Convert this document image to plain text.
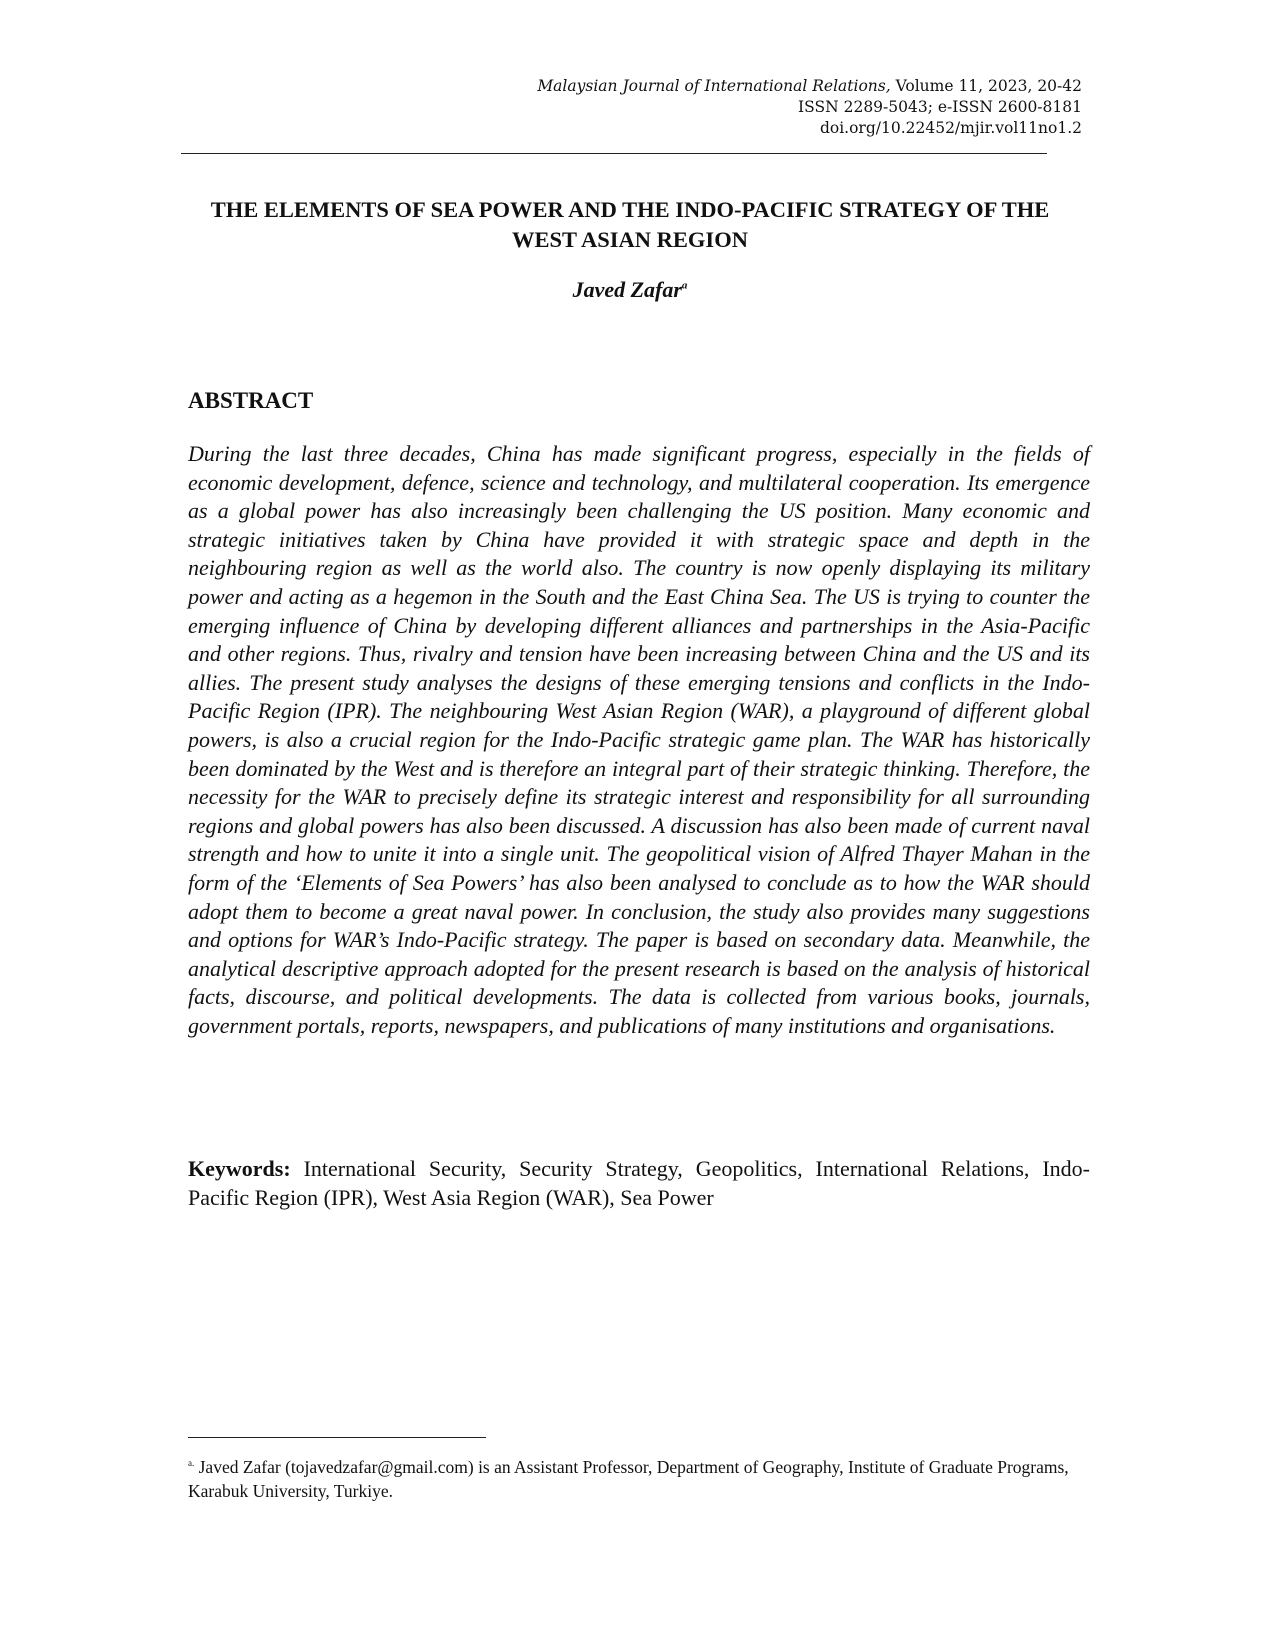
Malaysian Journal of International Relations, Volume 11, 2023, 20-42
ISSN 2289-5043; e-ISSN 2600-8181
doi.org/10.22452/mjir.vol11no1.2
THE ELEMENTS OF SEA POWER AND THE INDO-PACIFIC STRATEGY OF THE WEST ASIAN REGION
Javed Zafar$^a$
ABSTRACT

During the last three decades, China has made significant progress, especially in the fields of economic development, defence, science and technology, and multilateral cooperation. Its emergence as a global power has also increasingly been challenging the US position. Many economic and strategic initiatives taken by China have provided it with strategic space and depth in the neighbouring region as well as the world also. The country is now openly displaying its military power and acting as a hegemon in the South and the East China Sea. The US is trying to counter the emerging influence of China by developing different alliances and partnerships in the Asia-Pacific and other regions. Thus, rivalry and tension have been increasing between China and the US and its allies. The present study analyses the designs of these emerging tensions and conflicts in the Indo-Pacific Region (IPR). The neighbouring West Asian Region (WAR), a playground of different global powers, is also a crucial region for the Indo-Pacific strategic game plan. The WAR has historically been dominated by the West and is therefore an integral part of their strategic thinking. Therefore, the necessity for the WAR to precisely define its strategic interest and responsibility for all surrounding regions and global powers has also been discussed. A discussion has also been made of current naval strength and how to unite it into a single unit. The geopolitical vision of Alfred Thayer Mahan in the form of the ‘Elements of Sea Powers’ has also been analysed to conclude as to how the WAR should adopt them to become a great naval power. In conclusion, the study also provides many suggestions and options for WAR’s Indo-Pacific strategy. The paper is based on secondary data. Meanwhile, the analytical descriptive approach adopted for the present research is based on the analysis of historical facts, discourse, and political developments. The data is collected from various books, journals, government portals, reports, newspapers, and publications of many institutions and organisations.

Keywords: International Security, Security Strategy, Geopolitics, International Relations, Indo-Pacific Region (IPR), West Asia Region (WAR), Sea Power

$^{a.}$ Javed Zafar (tojavedzafar@gmail.com) is an Assistant Professor, Department of Geography, Institute of Graduate Programs, Karabuk University, Turkiye.
